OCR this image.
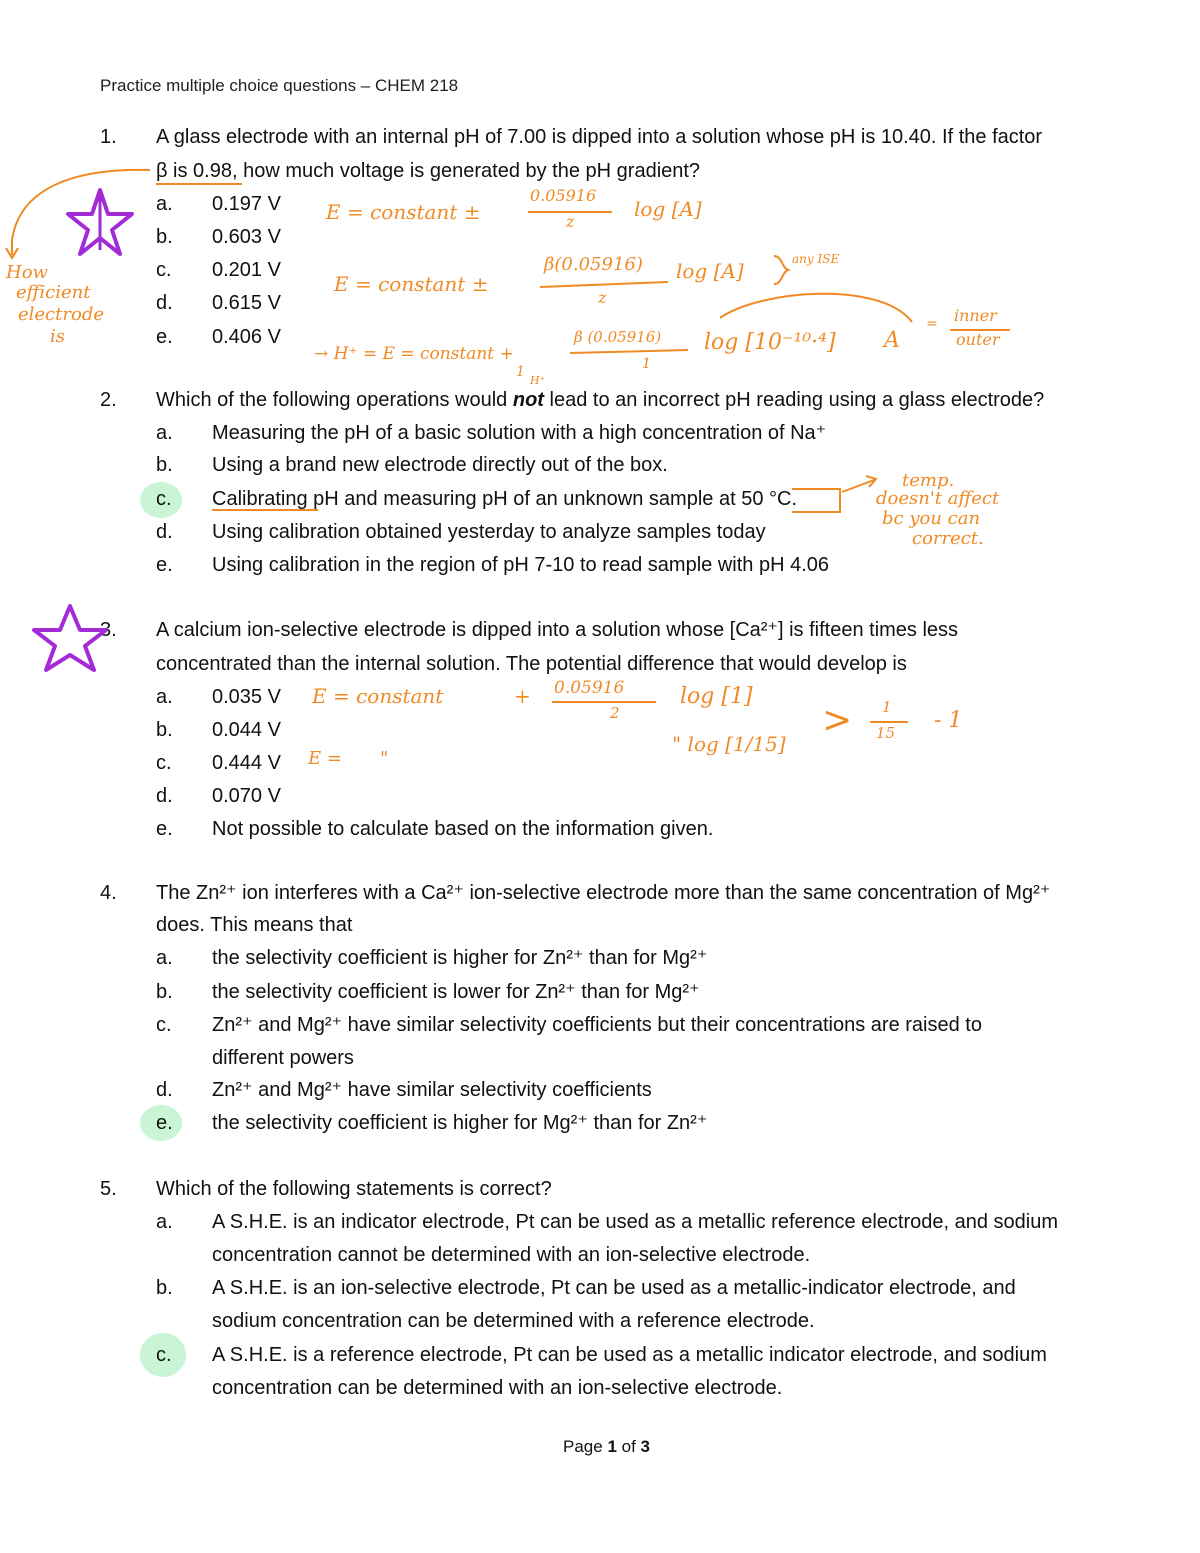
Practice multiple choice questions – CHEM 218
1. A glass electrode with an internal pH of 7.00 is dipped into a solution whose pH is 10.40. If the factor
β is 0.98, how much voltage is generated by the pH gradient?
a. 0.197 V
b. 0.603 V
c. 0.201 V
d. 0.615 V
e. 0.406 V
2. Which of the following operations would not lead to an incorrect pH reading using a glass electrode?
a. Measuring the pH of a basic solution with a high concentration of Na⁺
b. Using a brand new electrode directly out of the box.
c. Calibrating pH and measuring pH of an unknown sample at 50 °C.
d. Using calibration obtained yesterday to analyze samples today
e. Using calibration in the region of pH 7-10 to read sample with pH 4.06
3. A calcium ion-selective electrode is dipped into a solution whose [Ca²⁺] is fifteen times less
concentrated than the internal solution. The potential difference that would develop is
a. 0.035 V
b. 0.044 V
c. 0.444 V
d. 0.070 V
e. Not possible to calculate based on the information given.
4. The Zn²⁺ ion interferes with a Ca²⁺ ion-selective electrode more than the same concentration of Mg²⁺
does. This means that
a. the selectivity coefficient is higher for Zn²⁺ than for Mg²⁺
b. the selectivity coefficient is lower for Zn²⁺ than for Mg²⁺
c. Zn²⁺ and Mg²⁺ have similar selectivity coefficients but their concentrations are raised to
different powers
d. Zn²⁺ and Mg²⁺ have similar selectivity coefficients
e. the selectivity coefficient is higher for Mg²⁺ than for Zn²⁺
5. Which of the following statements is correct?
a. A S.H.E. is an indicator electrode, Pt can be used as a metallic reference electrode, and sodium
concentration cannot be determined with an ion-selective electrode.
b. A S.H.E. is an ion-selective electrode, Pt can be used as a metallic-indicator electrode, and
sodium concentration can be determined with a reference electrode.
c. A S.H.E. is a reference electrode, Pt can be used as a metallic indicator electrode, and sodium
concentration can be determined with an ion-selective electrode.
Page 1 of 3
How
efficient
electrode
is
E = constant ±
0.05916
z
log [A]
E = constant ±
β(0.05916)
z
log [A]	any ISE
→ H⁺ = E = constant +
β (0.05916)
1
log [10⁻¹⁰·⁴]
1
H⁺
A
= inner
outer
temp.
doesn't affect
bc you can
correct.
E = constant	+ 0.05916
2
log [1]
" log [1/15]
> 1
15 - 1
E = "
